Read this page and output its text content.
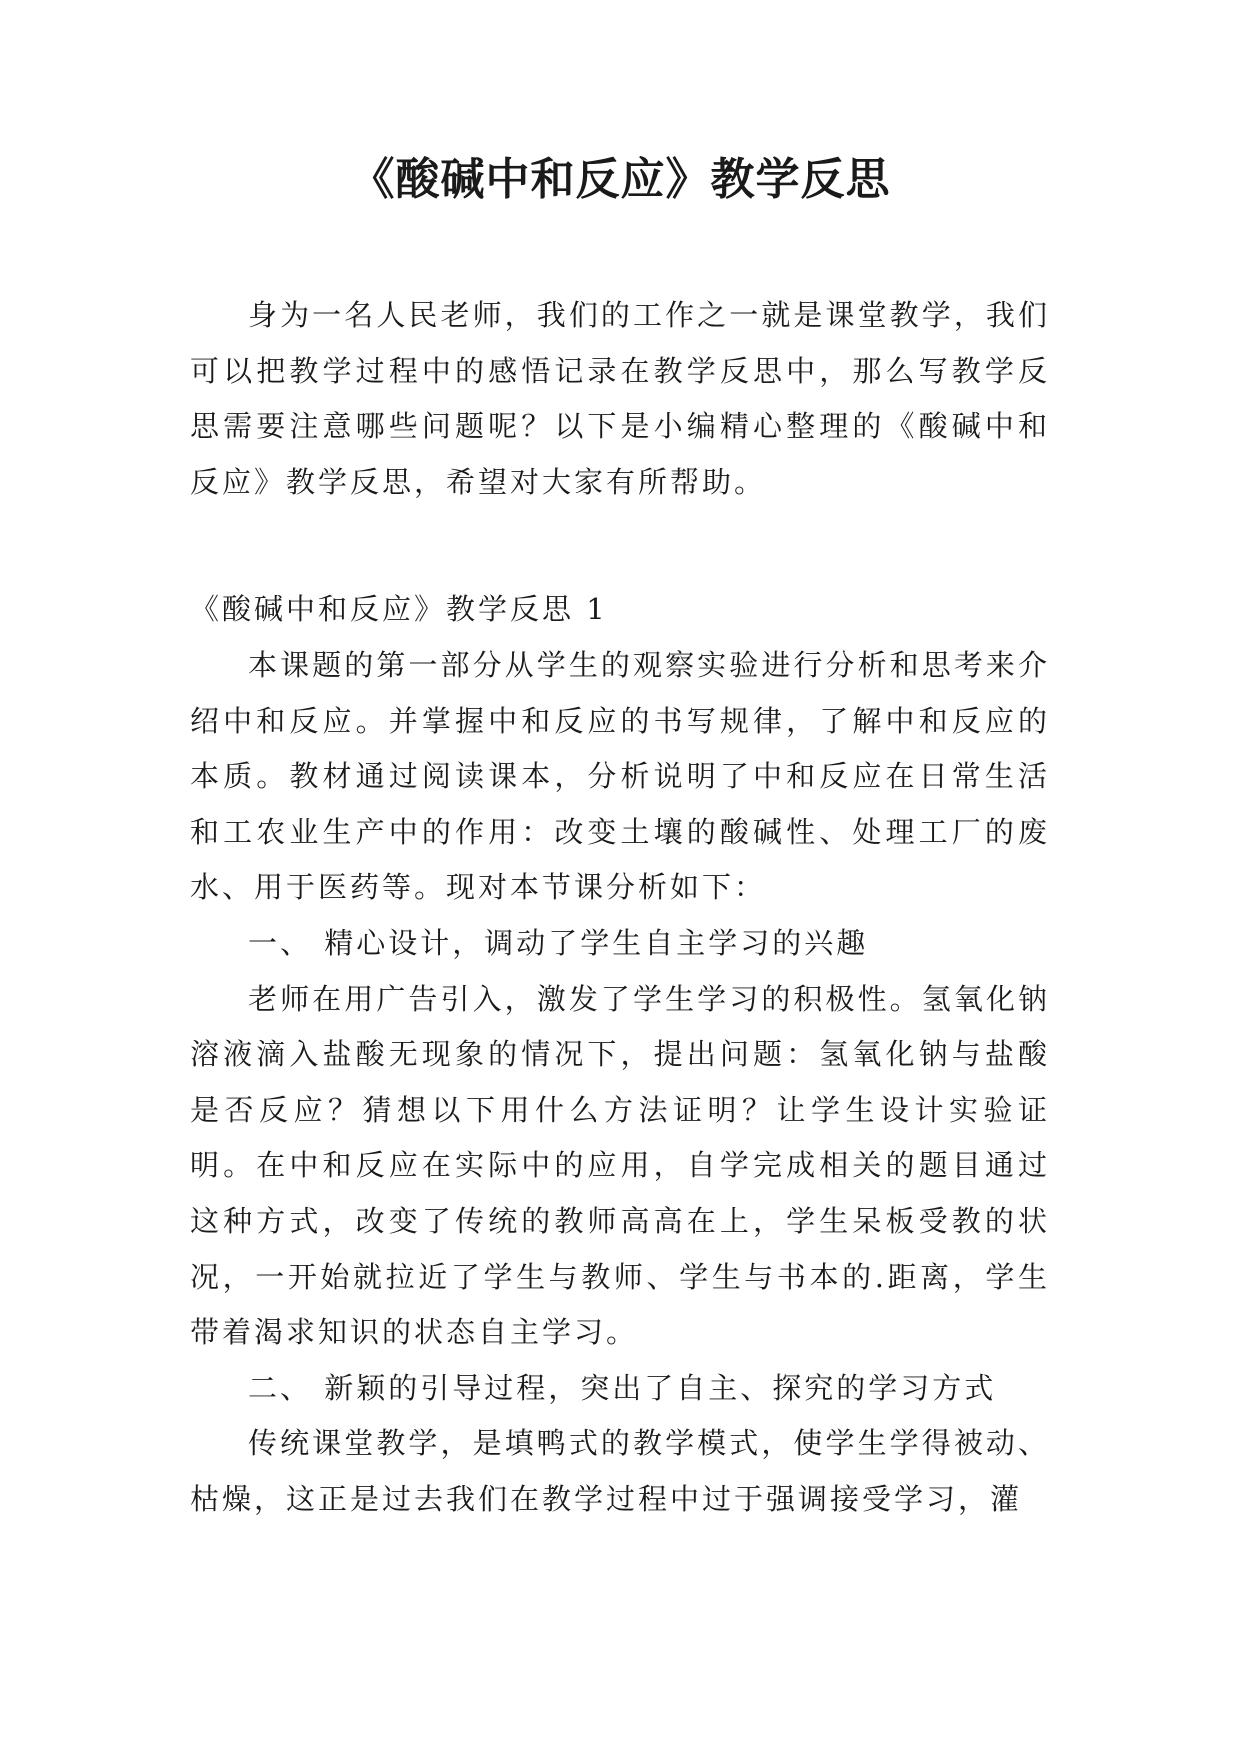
《酸碱中和反应》教学反思

身为一名人民老师，我们的工作之一就是课堂教学，我们可以把教学过程中的感悟记录在教学反思中，那么写教学反思需要注意哪些问题呢？以下是小编精心整理的《酸碱中和反应》教学反思，希望对大家有所帮助。

《酸碱中和反应》教学反思 1

本课题的第一部分从学生的观察实验进行分析和思考来介绍中和反应。并掌握中和反应的书写规律，了解中和反应的本质。教材通过阅读课本，分析说明了中和反应在日常生活和工农业生产中的作用：改变土壤的酸碱性、处理工厂的废水、用于医药等。现对本节课分析如下：

一、 精心设计，调动了学生自主学习的兴趣

老师在用广告引入，激发了学生学习的积极性。氢氧化钠溶液滴入盐酸无现象的情况下，提出问题：氢氧化钠与盐酸是否反应？猜想以下用什么方法证明？让学生设计实验证明。在中和反应在实际中的应用，自学完成相关的题目通过这种方式，改变了传统的教师高高在上，学生呆板受教的状况，一开始就拉近了学生与教师、学生与书本的.距离，学生带着渴求知识的状态自主学习。

二、 新颖的引导过程，突出了自主、探究的学习方式

传统课堂教学，是填鸭式的教学模式，使学生学得被动、枯燥，这正是过去我们在教学过程中过于强调接受学习，灌
